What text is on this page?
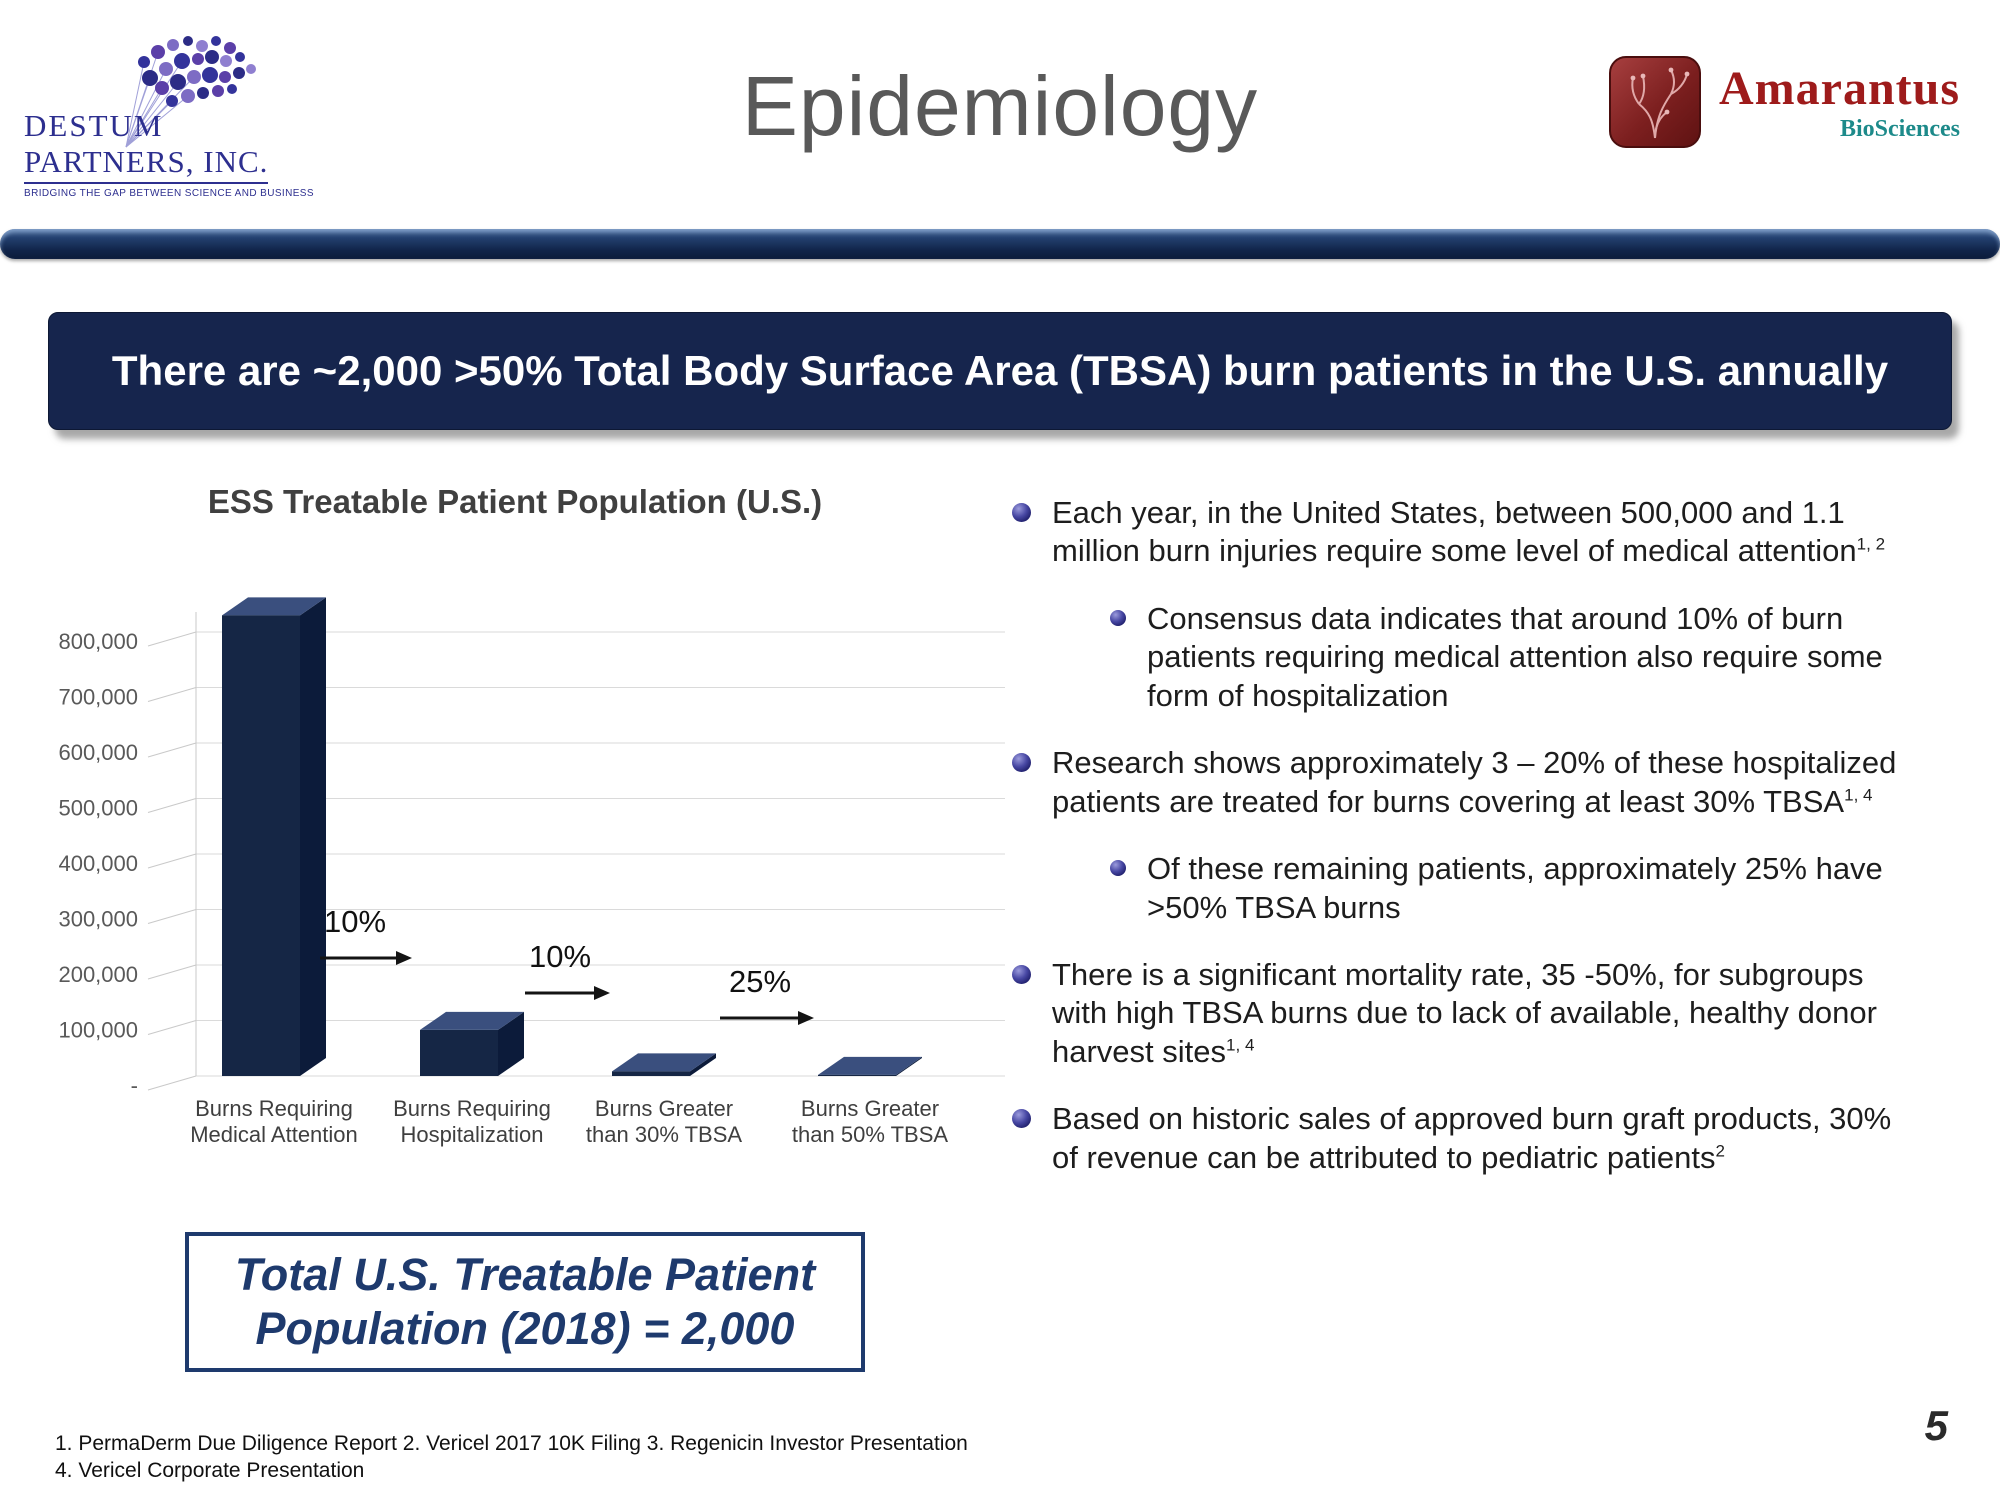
DESTUM
PARTNERS, INC.
BRIDGING THE GAP BETWEEN SCIENCE AND BUSINESS
Epidemiology	Amarantus
BioSciences
There are ~2,000 >50% Total Body Surface Area (TBSA) burn patients in the U.S. annually
ESS Treatable Patient Population (U.S.)
800,000
700,000
600,000
500,000
400,000
300,000
200,000
100,000
-
10%
10%
25%
Burns Requiring
Medical Attention
Burns Requiring
Hospitalization
Burns Greater
than 30% TBSA
Burns Greater
than 50% TBSA
Total U.S. Treatable Patient
Population (2018) = 2,000

Each year, in the United States, between 500,000 and 1.1 million burn injuries require some level of medical attention$^{1, 2}$

Consensus data indicates that around 10% of burn patients requiring medical attention also require some form of hospitalization

Research shows approximately 3 – 20% of these hospitalized patients are treated for burns covering at least 30% TBSA$^{1, 4}$

Of these remaining patients, approximately 25% have >50% TBSA burns

There is a significant mortality rate, 35 -50%, for subgroups with high TBSA burns due to lack of available, healthy donor harvest sites$^{1, 4}$

Based on historic sales of approved burn graft products, 30% of revenue can be attributed to pediatric patients$^2$

1. PermaDerm Due Diligence Report 2. Vericel 2017 10K Filing 3. Regenicin Investor Presentation
4. Vericel Corporate Presentation
5
